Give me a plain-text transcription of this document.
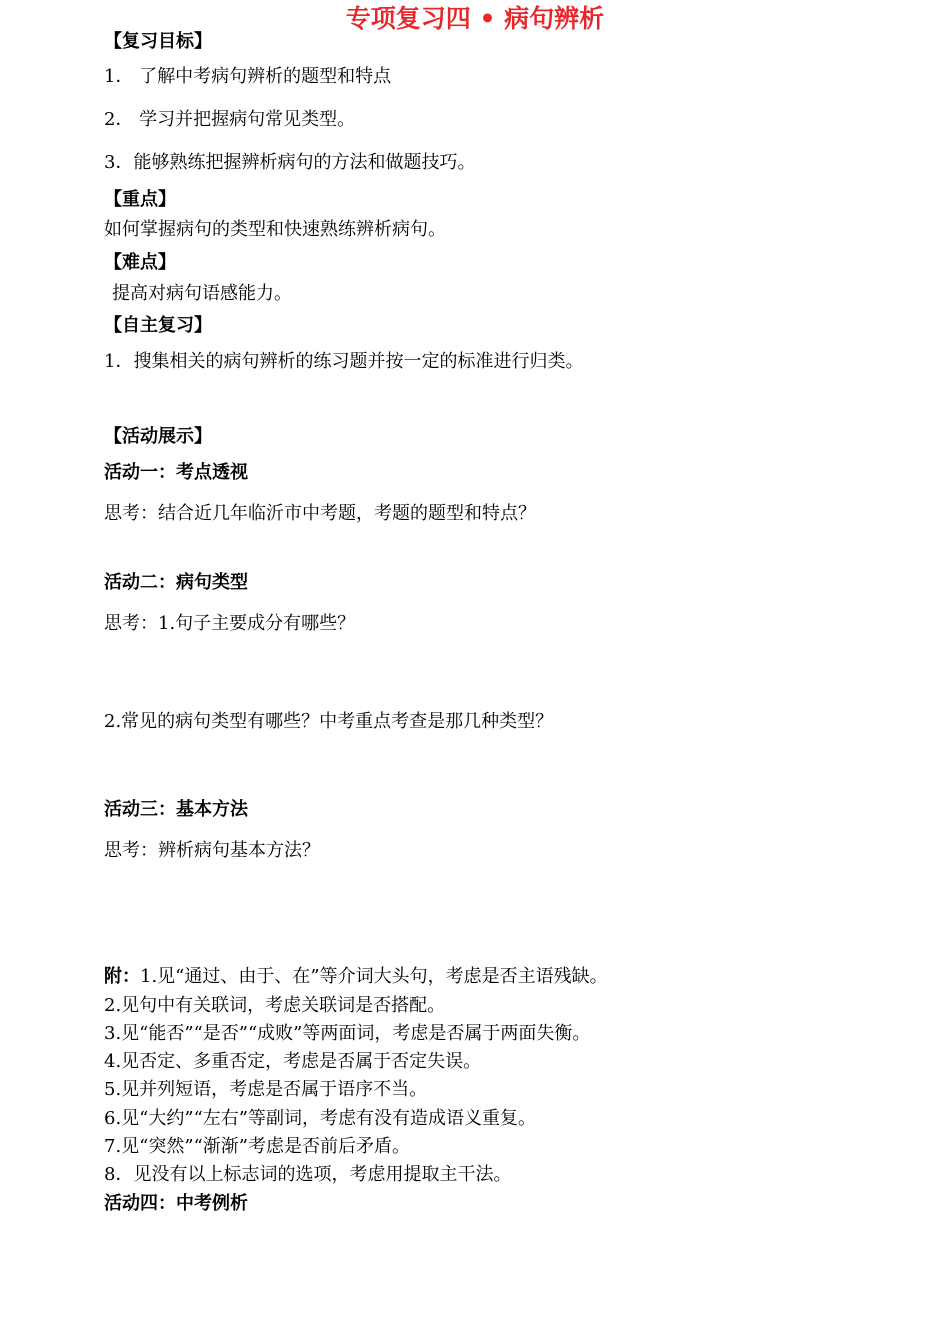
专项复习四 • 病句辨析
【复习目标】
1． 了解中考病句辨析的题型和特点
2． 学习并把握病句常见类型。
3．能够熟练把握辨析病句的方法和做题技巧。
【重点】
如何掌握病句的类型和快速熟练辨析病句。
【难点】
提高对病句语感能力。
【自主复习】
1．搜集相关的病句辨析的练习题并按一定的标准进行归类。
【活动展示】
活动一：考点透视
思考：结合近几年临沂市中考题，考题的题型和特点？
活动二：病句类型
思考：1.句子主要成分有哪些？
2.常见的病句类型有哪些？中考重点考查是那几种类型？
活动三：基本方法
思考：辨析病句基本方法？
附：1.见“通过、由于、在”等介词大头句，考虑是否主语残缺。
2.见句中有关联词，考虑关联词是否搭配。
3.见“能否”“是否”“成败”等两面词，考虑是否属于两面失衡。
4.见否定、多重否定，考虑是否属于否定失误。
5.见并列短语，考虑是否属于语序不当。
6.见“大约”“左右”等副词，考虑有没有造成语义重复。
7.见“突然”“渐渐”考虑是否前后矛盾。
8．见没有以上标志词的选项，考虑用提取主干法。
活动四：中考例析
